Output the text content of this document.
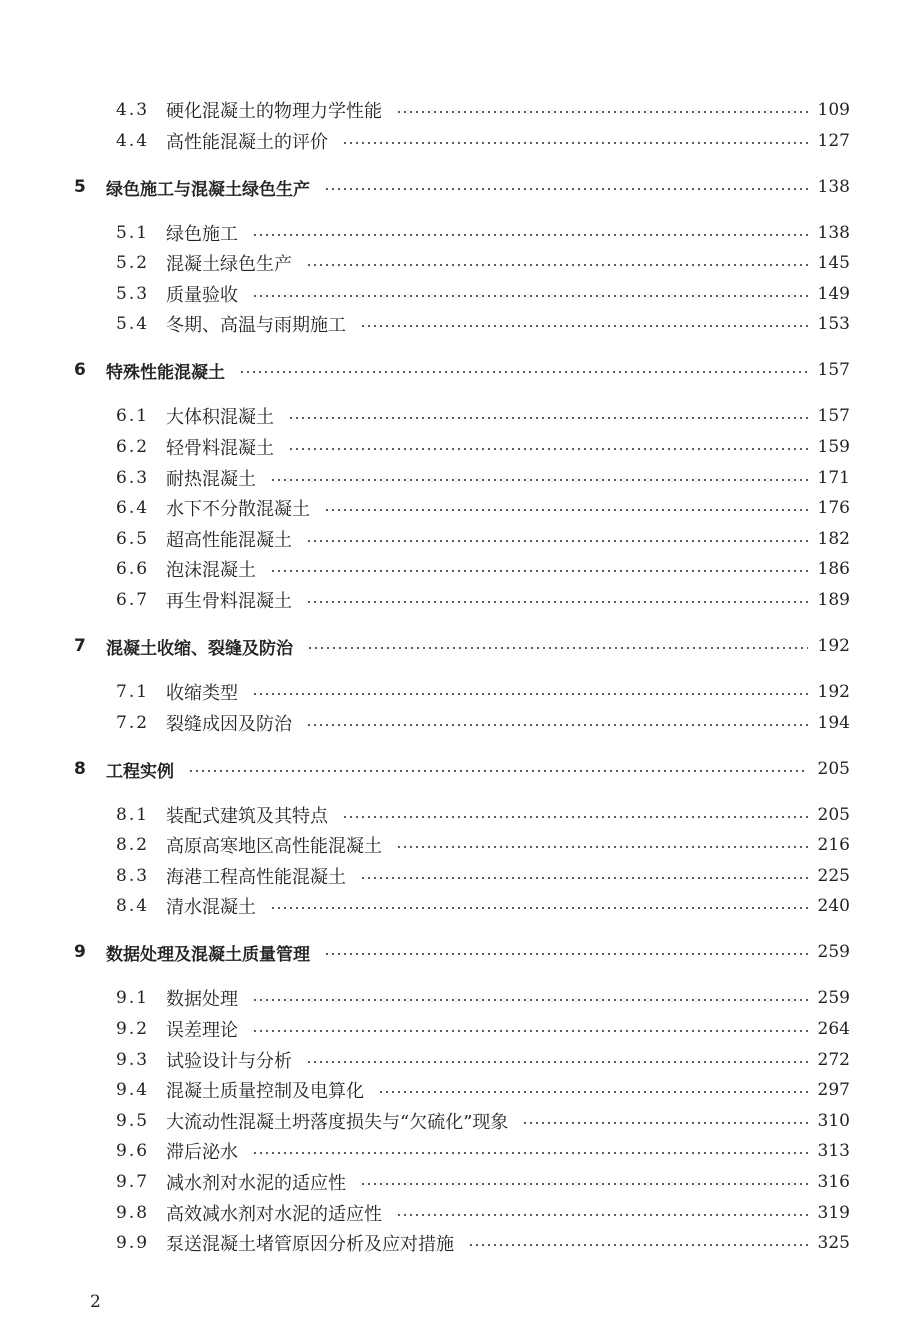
4.3 硬化混凝土的物理力学性能	109
4.4 高性能混凝土的评价	127
5	绿色施工与混凝土绿色生产	138
5.1 绿色施工	138
5.2 混凝土绿色生产	145
5.3 质量验收	149
5.4 冬期、高温与雨期施工	153
6	特殊性能混凝土	157
6.1 大体积混凝土	157
6.2 轻骨料混凝土	159
6.3 耐热混凝土	171
6.4 水下不分散混凝土	176
6.5 超高性能混凝土	182
6.6 泡沫混凝土	186
6.7 再生骨料混凝土	189
7	混凝土收缩、裂缝及防治	192
7.1 收缩类型	192
7.2 裂缝成因及防治	194
8	工程实例	205
8.1 装配式建筑及其特点	205
8.2 高原高寒地区高性能混凝土	216
8.3 海港工程高性能混凝土	225
8.4 清水混凝土	240
9	数据处理及混凝土质量管理	259
9.1 数据处理	259
9.2 误差理论	264
9.3 试验设计与分析	272
9.4 混凝土质量控制及电算化	297
9.5 大流动性混凝土坍落度损失与“欠硫化”现象	310
9.6 滞后泌水	313
9.7 减水剂对水泥的适应性	316
9.8 高效减水剂对水泥的适应性	319
9.9 泵送混凝土堵管原因分析及应对措施	325
2
